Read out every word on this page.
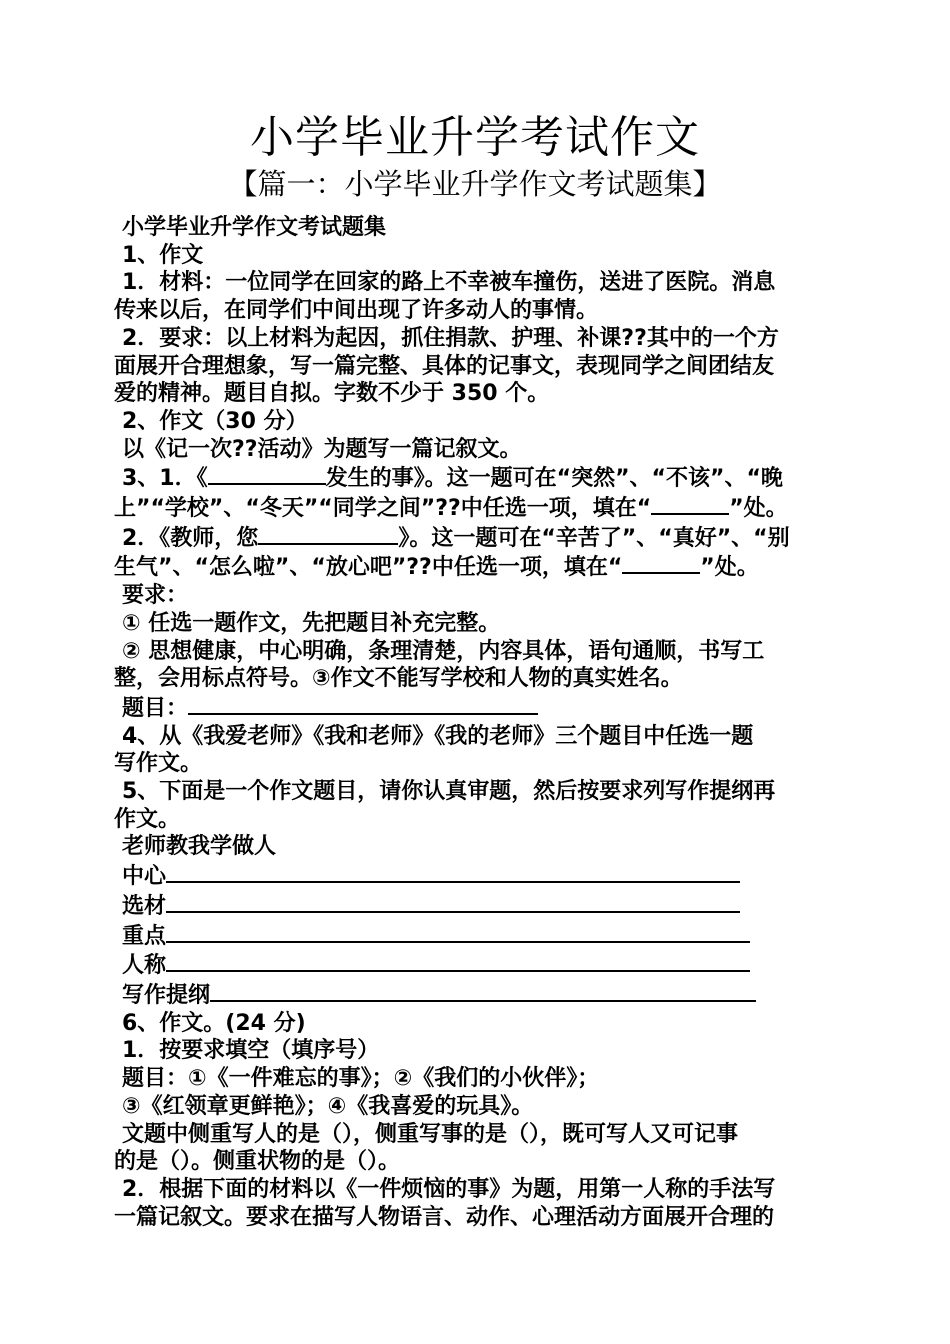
小学毕业升学考试作文
【篇一：小学毕业升学作文考试题集】

小学毕业升学作文考试题集

1、作文

1．材料：一位同学在回家的路上不幸被车撞伤，送进了医院。消息

传来以后，在同学们中间出现了许多动人的事情。

2．要求：以上材料为起因，抓住捐款、护理、补课??其中的一个方

面展开合理想象，写一篇完整、具体的记事文，表现同学之间团结友

爱的精神。题目自拟。字数不少于 350 个。

2、作文（30 分）

以《记一次??活动》为题写一篇记叙文。

3、1．《	发生的事》。这一题可在“突然”、“不该”、“晚

上”“学校”、“冬天”“同学之间”??中任选一项，填在“	”处。

2．《教师，您	》。这一题可在“辛苦了”、“真好”、“别

生气”、“怎么啦”、“放心吧”??中任选一项，填在“	”处。

要求：

① 任选一题作文，先把题目补充完整。

② 思想健康，中心明确，条理清楚，内容具体，语句通顺，书写工

整，会用标点符号。③作文不能写学校和人物的真实姓名。

题目：

4、从《我爱老师》《我和老师》《我的老师》三个题目中任选一题

写作文。

5、下面是一个作文题目，请你认真审题，然后按要求列写作提纲再

作文。

老师教我学做人

中心

选材

重点

人称

写作提纲

6、作文。(24 分)

1．按要求填空（填序号）

题目：①《一件难忘的事》；②《我们的小伙伴》；

③《红领章更鲜艳》；④《我喜爱的玩具》。

文题中侧重写人的是（），侧重写事的是（），既可写人又可记事

的是（）。侧重状物的是（）。

2．根据下面的材料以《一件烦恼的事》为题，用第一人称的手法写

一篇记叙文。要求在描写人物语言、动作、心理活动方面展开合理的
